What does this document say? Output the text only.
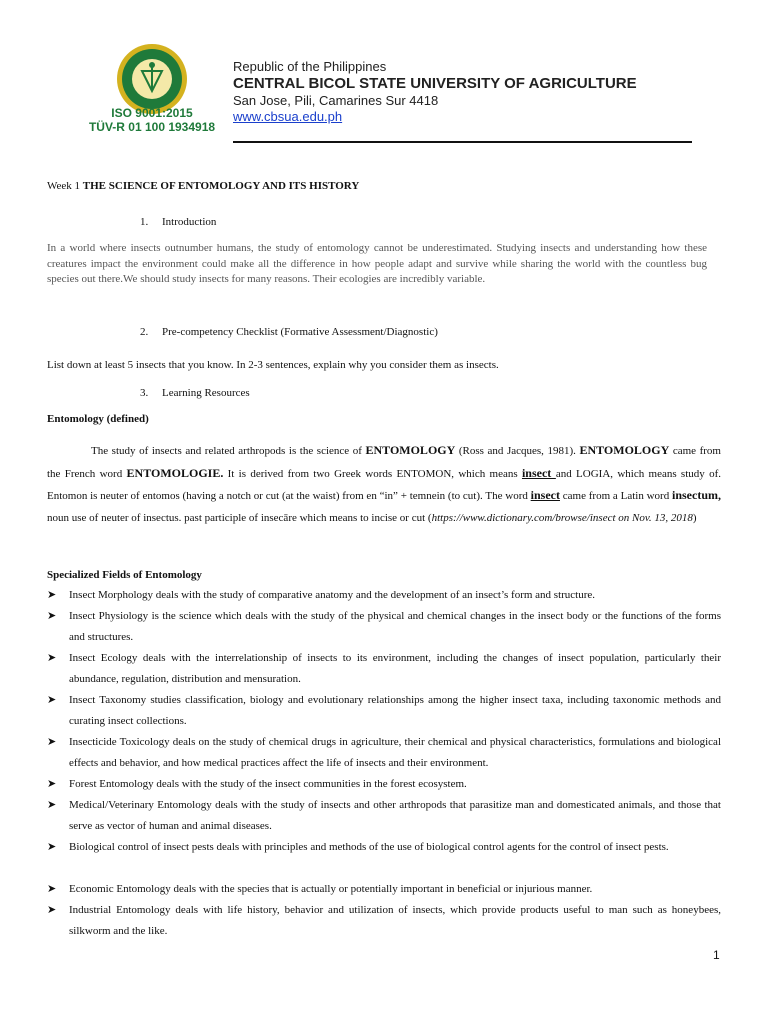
ISO 9001:2015
TÜV-R 01 100 1934918
Republic of the Philippines
CENTRAL BICOL STATE UNIVERSITY OF AGRICULTURE
San Jose, Pili, Camarines Sur 4418
www.cbsua.edu.ph
Week 1 THE SCIENCE OF ENTOMOLOGY AND ITS HISTORY
1. Introduction
In a world where insects outnumber humans, the study of entomology cannot be underestimated. Studying insects and understanding how these creatures impact the environment could make all the difference in how people adapt and survive while sharing the world with the countless bug species out there.We should study insects for many reasons. Their ecologies are incredibly variable.
2. Pre-competency Checklist (Formative Assessment/Diagnostic)
List down at least 5 insects that you know. In 2-3 sentences, explain why you consider them as insects.
3. Learning Resources
Entomology (defined)
The study of insects and related arthropods is the science of ENTOMOLOGY (Ross and Jacques, 1981). ENTOMOLOGY came from the French word ENTOMOLOGIE. It is derived from two Greek words ENTOMON, which means insect and LOGIA, which means study of. Entomon is neuter of entomos (having a notch or cut (at the waist) from en “in” + temnein (to cut). The word insect came from a Latin word insectum, noun use of neuter of insectus. past participle of insecāre which means to incise or cut (https://www.dictionary.com/browse/insect on Nov. 13, 2018)
Specialized Fields of Entomology
➤ Insect Morphology deals with the study of comparative anatomy and the development of an insect’s form and structure.
➤ Insect Physiology is the science which deals with the study of the physical and chemical changes in the insect body or the functions of the forms and structures.
➤ Insect Ecology deals with the interrelationship of insects to its environment, including the changes of insect population, particularly their abundance, regulation, distribution and mensuration.
➤ Insect Taxonomy studies classification, biology and evolutionary relationships among the higher insect taxa, including taxonomic methods and curating insect collections.
➤ Insecticide Toxicology deals on the study of chemical drugs in agriculture, their chemical and physical characteristics, formulations and biological effects and behavior, and how medical practices affect the life of insects and their environment.
➤ Forest Entomology deals with the study of the insect communities in the forest ecosystem.
➤ Medical/Veterinary Entomology deals with the study of insects and other arthropods that parasitize man and domesticated animals, and those that serve as vector of human and animal diseases.
➤ Biological control of insect pests deals with principles and methods of the use of biological control agents for the control of insect pests.
➤ Economic Entomology deals with the species that is actually or potentially important in beneficial or injurious manner.
➤ Industrial Entomology deals with life history, behavior and utilization of insects, which provide products useful to man such as honeybees, silkworm and the like.
1
